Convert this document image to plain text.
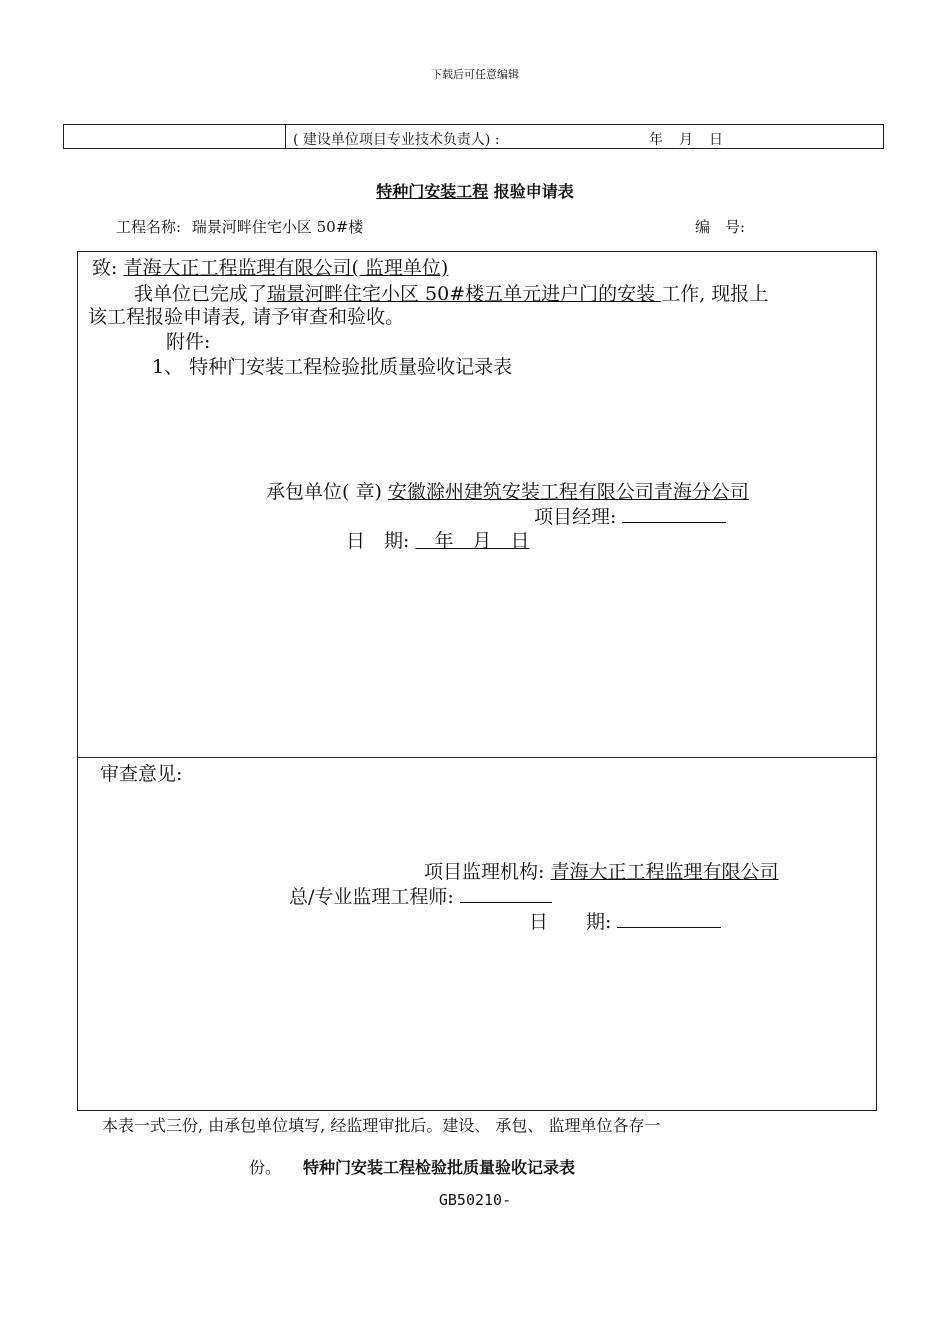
下载后可任意编辑
( 建设单位项目专业技术负责人) :	年　月　日
特种门安装工程 报验申请表
工程名称: 瑞景河畔住宅小区 50#楼	编　号:
致: 青海大正工程监理有限公司( 监理单位)
我单位已完成了瑞景河畔住宅小区 50#楼五单元进户门的安装 工作, 现报上
该工程报验申请表, 请予审查和验收。
附件:
1、 特种门安装工程检验批质量验收记录表
承包单位( 章) 安徽滁州建筑安装工程有限公司青海分公司
项目经理:
日　期: 　年　月　日
审查意见:
项目监理机构: 青海大正工程监理有限公司
总/专业监理工程师:
日　　期:
本表一式三份, 由承包单位填写, 经监理审批后。建设、 承包、 监理单位各存一
份。 特种门安装工程检验批质量验收记录表
GB50210-
